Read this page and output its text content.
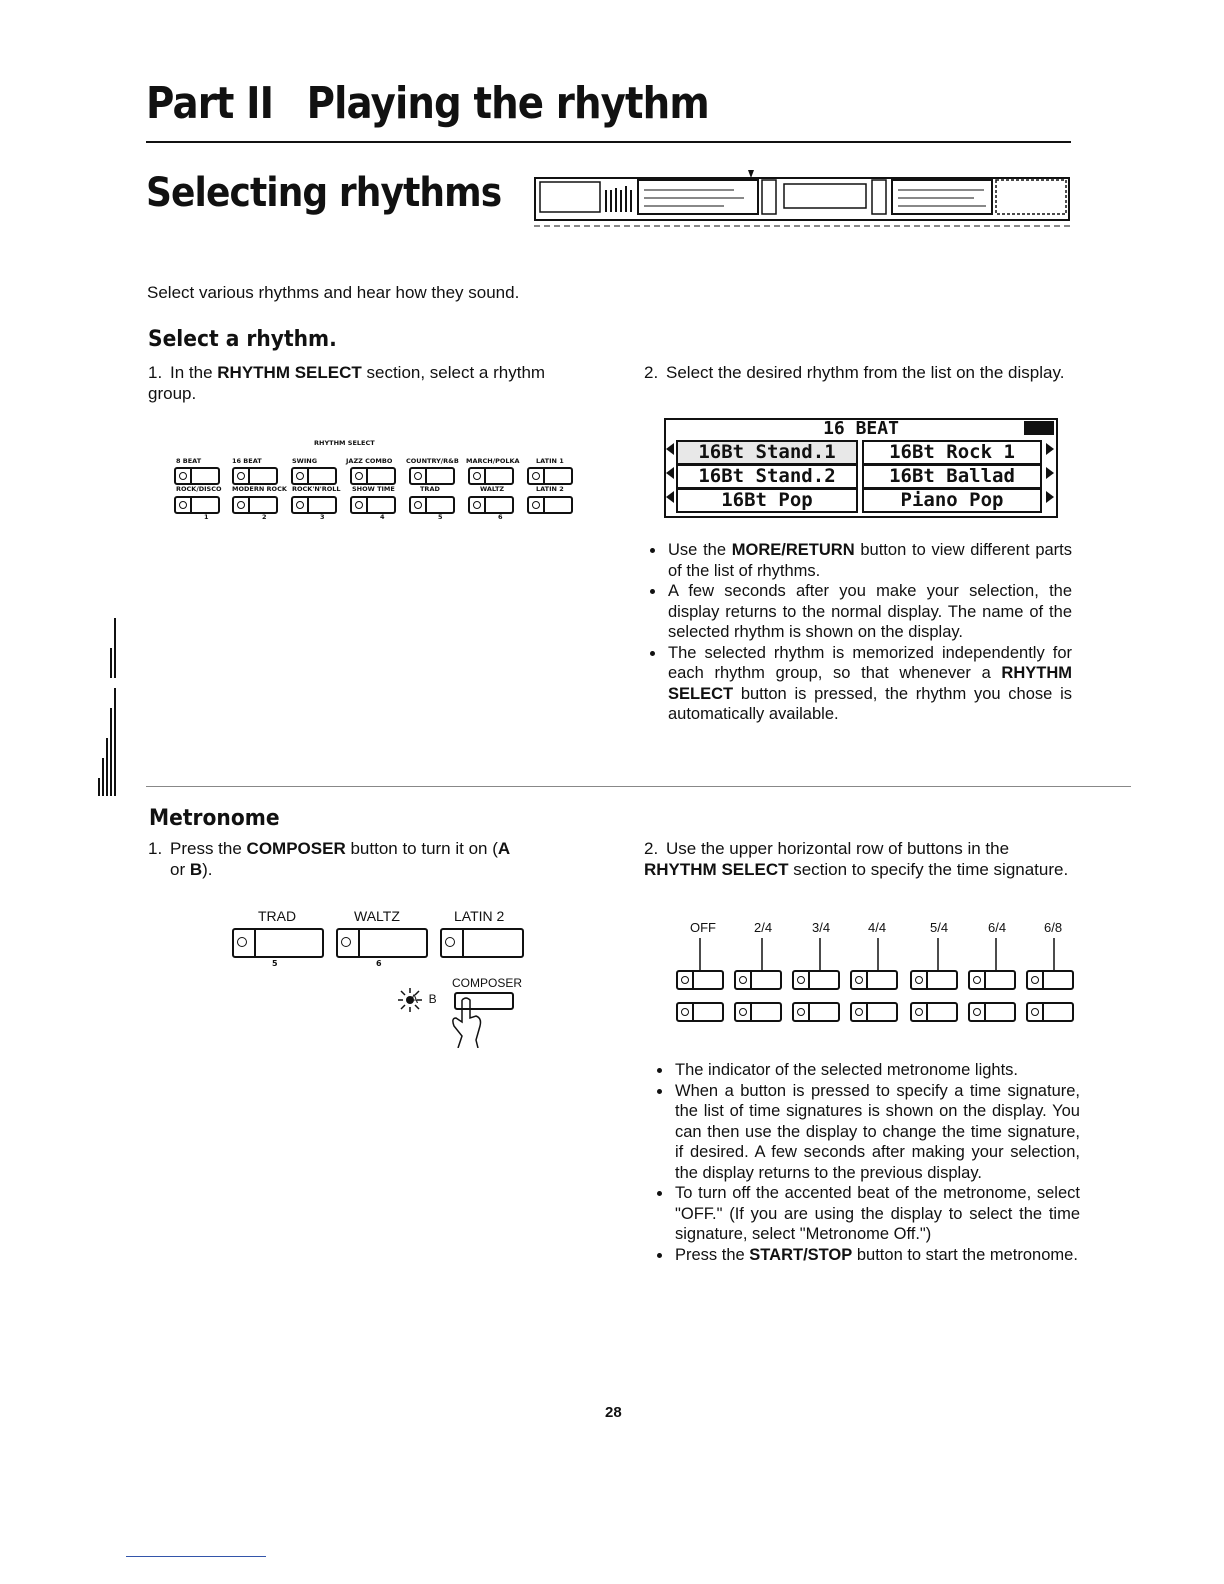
Part II Playing the rhythm
Selecting rhythms
Select various rhythms and hear how they sound.
Select a rhythm.
1. In the RHYTHM SELECT section, select a rhythm group.
2. Select the desired rhythm from the list on the display.
RHYTHM SELECT
8 BEAT	16 BEAT	SWING	JAZZ COMBO COUNTRY/R&B MARCH/POLKA	LATIN 1
ROCK/DISCO MODERN ROCK ROCK'N'ROLL SHOW TIME	TRAD	WALTZ	LATIN 2
1	2	3	4	5	6
16 BEAT
16Bt Stand.1	16Bt Rock 1
16Bt Stand.2	16Bt Ballad
16Bt Pop	Piano Pop
Use the MORE/RETURN button to view different parts of the list of rhythms.
A few seconds after you make your selection, the display returns to the normal display. The name of the selected rhythm is shown on the display.
The selected rhythm is memorized independently for each rhythm group, so that whenever a RHYTHM SELECT button is pressed, the rhythm you chose is automatically available.
Metronome
1. Press the COMPOSER button to turn it on (A
or B).
2. Use the upper horizontal row of buttons in the RHYTHM SELECT section to specify the time signature.
TRAD	WALTZ	LATIN 2
5	6
COMPOSER
A B
OFF	2/4	3/4	4/4	5/4	6/4	6/8
The indicator of the selected metronome lights.
When a button is pressed to specify a time signature, the list of time signatures is shown on the display. You can then use the display to change the time signature, if desired. A few seconds after making your selection, the display returns to the previous display.
To turn off the accented beat of the metronome, select "OFF." (If you are using the display to select the time signature, select "Metronome Off.")
Press the START/STOP button to start the metronome.
28
